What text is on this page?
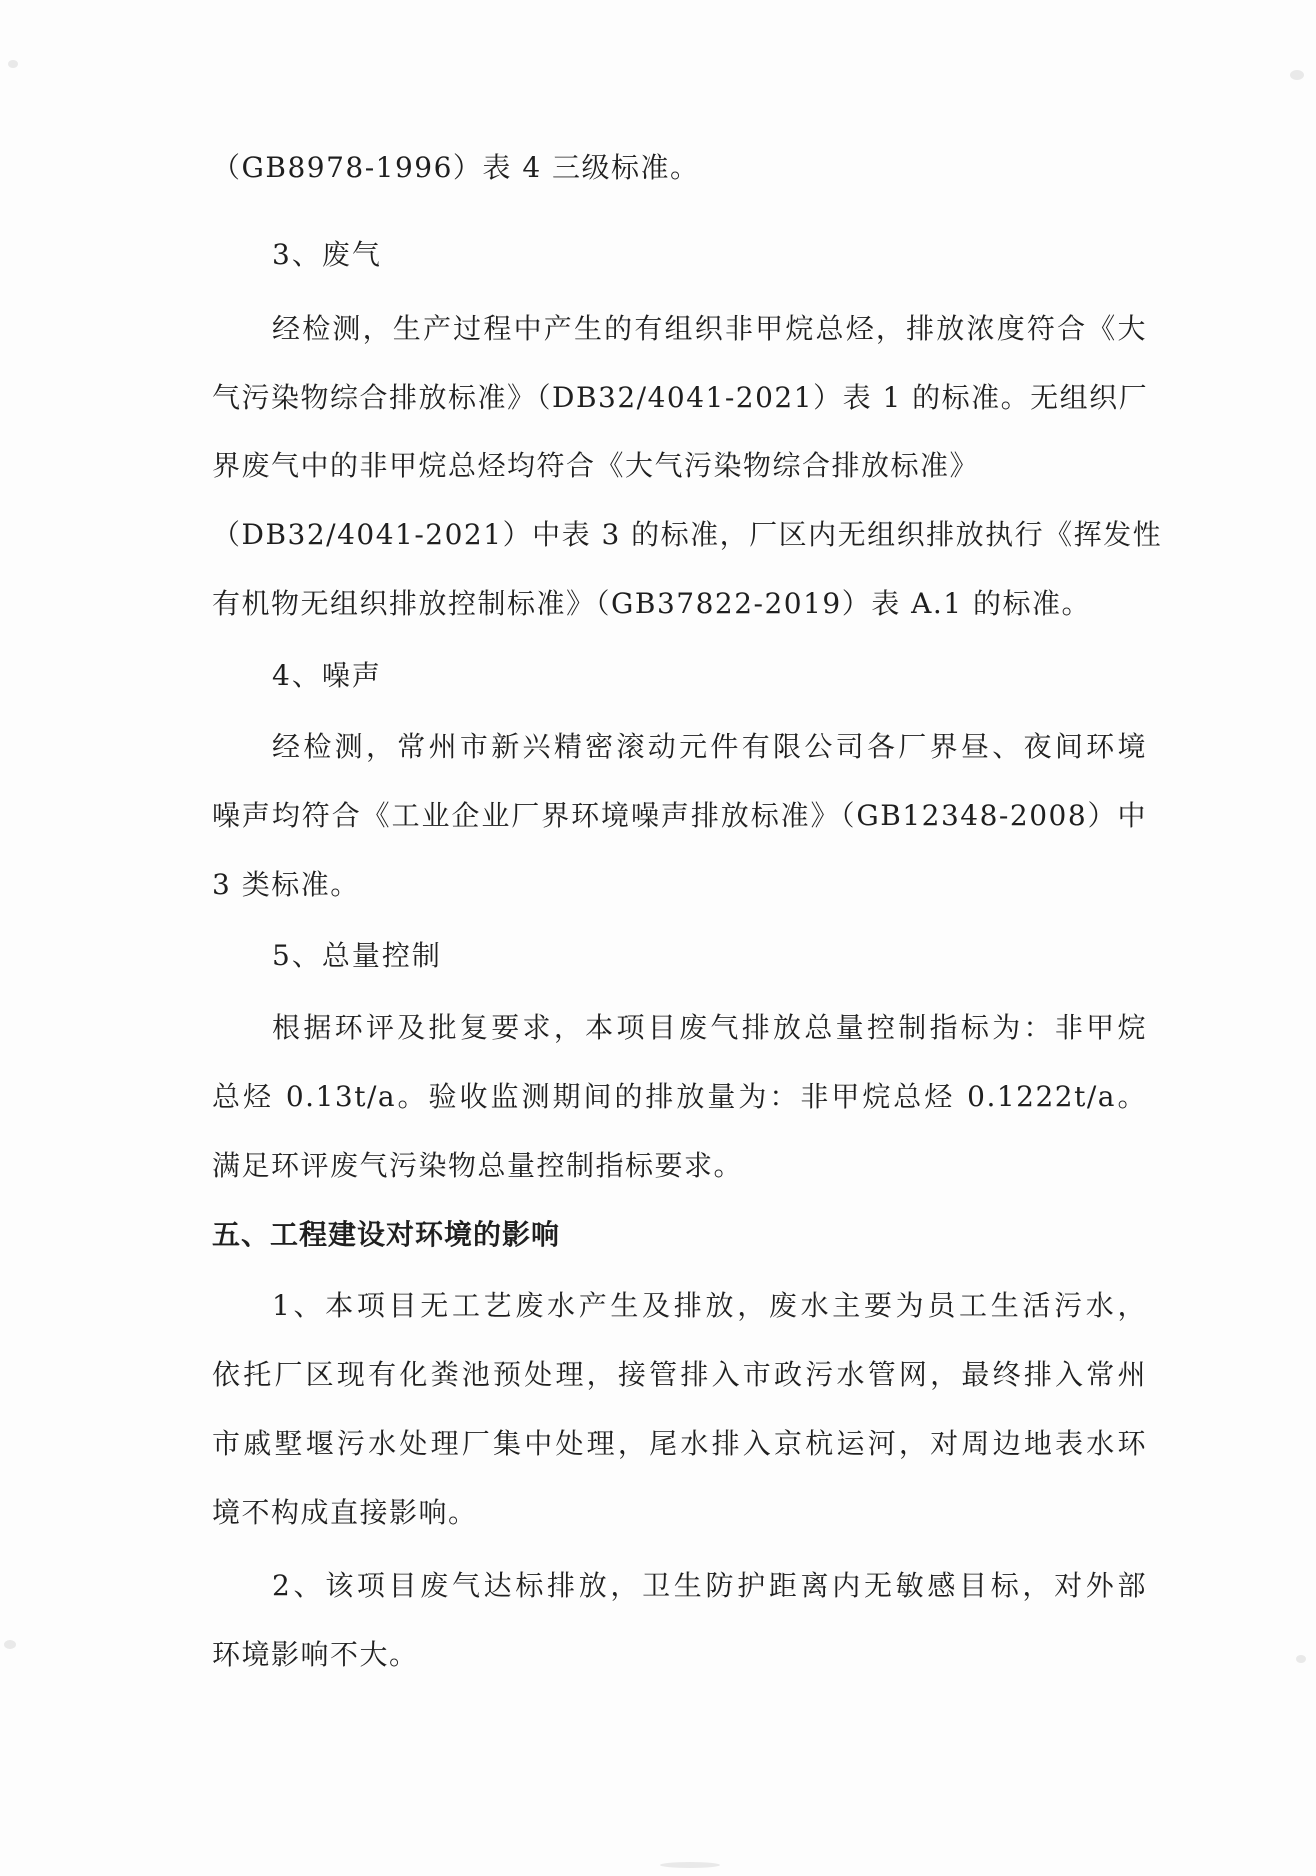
（GB8978-1996）表 4 三级标准。

3、废气

经检测，生产过程中产生的有组织非甲烷总烃，排放浓度符合《大

气污染物综合排放标准》（DB32/4041-2021）表 1 的标准。无组织厂

界废气中的非甲烷总烃均符合《大气污染物综合排放标准》

（DB32/4041-2021）中表 3 的标准，厂区内无组织排放执行《挥发性

有机物无组织排放控制标准》（GB37822-2019）表 A.1 的标准。

4、噪声

经检测，常州市新兴精密滚动元件有限公司各厂界昼、夜间环境

噪声均符合《工业企业厂界环境噪声排放标准》（GB12348-2008）中

3 类标准。

5、总量控制

根据环评及批复要求，本项目废气排放总量控制指标为：非甲烷

总烃 0.13t/a。验收监测期间的排放量为：非甲烷总烃 0.1222t/a。

满足环评废气污染物总量控制指标要求。

五、工程建设对环境的影响

1、本项目无工艺废水产生及排放，废水主要为员工生活污水，

依托厂区现有化粪池预处理，接管排入市政污水管网，最终排入常州

市戚墅堰污水处理厂集中处理，尾水排入京杭运河，对周边地表水环

境不构成直接影响。

2、该项目废气达标排放，卫生防护距离内无敏感目标，对外部

环境影响不大。
